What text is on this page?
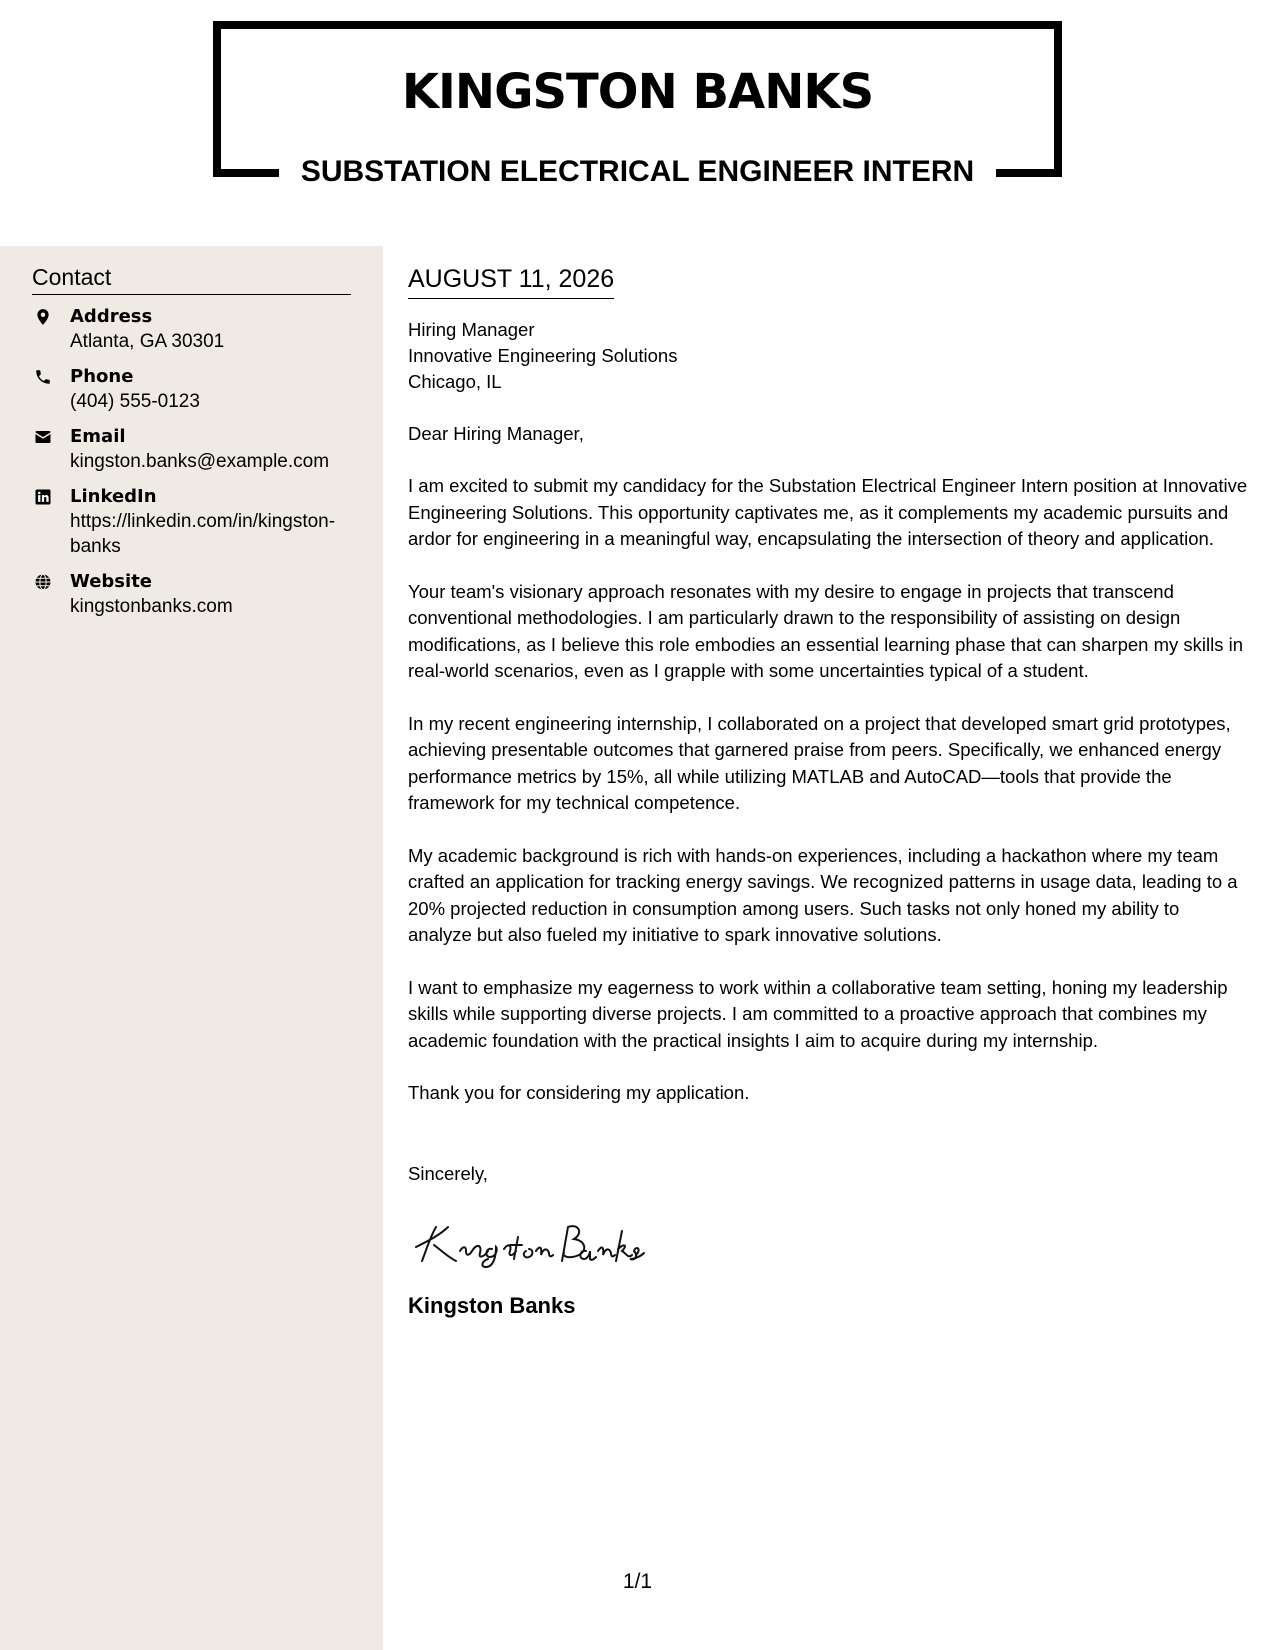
KINGSTON BANKS
SUBSTATION ELECTRICAL ENGINEER INTERN
Contact
Address
Atlanta, GA 30301
Phone
(404) 555-0123
Email
kingston.banks@example.com
LinkedIn
https://linkedin.com/in/kingston-banks
Website
kingstonbanks.com
AUGUST 11, 2026
Hiring Manager
Innovative Engineering Solutions
Chicago, IL
Dear Hiring Manager,

I am excited to submit my candidacy for the Substation Electrical Engineer Intern position at Innovative Engineering Solutions. This opportunity captivates me, as it complements my academic pursuits and ardor for engineering in a meaningful way, encapsulating the intersection of theory and application.

Your team's visionary approach resonates with my desire to engage in projects that transcend conventional methodologies. I am particularly drawn to the responsibility of assisting on design modifications, as I believe this role embodies an essential learning phase that can sharpen my skills in real-world scenarios, even as I grapple with some uncertainties typical of a student.

In my recent engineering internship, I collaborated on a project that developed smart grid prototypes, achieving presentable outcomes that garnered praise from peers. Specifically, we enhanced energy performance metrics by 15%, all while utilizing MATLAB and AutoCAD—tools that provide the framework for my technical competence.

My academic background is rich with hands-on experiences, including a hackathon where my team crafted an application for tracking energy savings. We recognized patterns in usage data, leading to a 20% projected reduction in consumption among users. Such tasks not only honed my ability to analyze but also fueled my initiative to spark innovative solutions.

I want to emphasize my eagerness to work within a collaborative team setting, honing my leadership skills while supporting diverse projects. I am committed to a proactive approach that combines my academic foundation with the practical insights I aim to acquire during my internship.

Thank you for considering my application.

Sincerely,
Kingston Banks
1/1
